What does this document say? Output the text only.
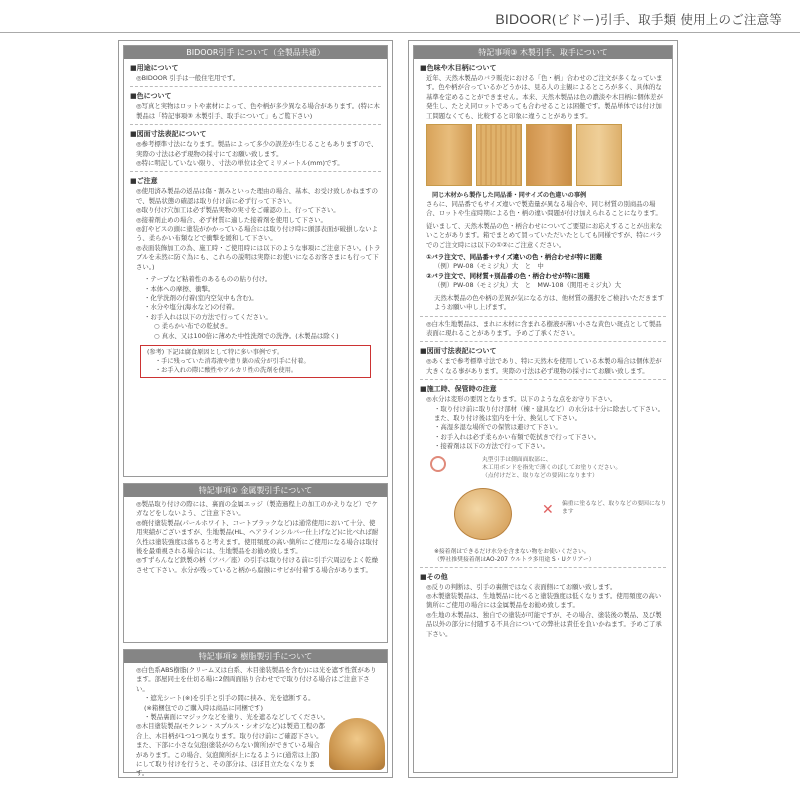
BIDOOR(ビドー)引手、取手類 使用上のご注意等
BIDOOR引手 について（全製品共通）
■用途について
◎BIDOOR 引手は一般住宅用です。
■色について
◎写真と実物はロットや素材によって、色や柄が多少異なる場合があります。(特に木製品は「特記事項③ 木製引手、取手について」もご覧下さい)
■図面寸法表記について
◎参考標準寸法になります。製品によって多少の誤差が生じることもありますので、実際の寸法は必ず現物の採寸にてお願い致します。
◎特に明記していない限り、寸法の単位は全てミリメートル(mm)です。
■ご注意
◎使用済み製品の返品は傷・割みといった理由の場合、基本、お受け致しかねますので、製品状態の確認は取り付け前に必ず行って下さい。
◎取り付け穴加工は必ず製品実物の実寸をご確認の上、行って下さい。
◎接着剤止めの場合、必ず材質に適した接着剤を使用して下さい。
◎釘やビスの頭に塗装がかかっている場合には取り付け時に頭部表面が破損しないよう、柔らかい布類などで衝撃を緩和して下さい。
◎表面装飾加工の為、施工時・ご使用時には以下のような事項にご注意下さい。(トラブルを未然に防ぐ為にも、これらの説明は実際にお使いになるお客さまにも行って下さい。)
・テープなど粘着性のあるものの貼り付け。
・本体への摩擦、衝撃。
・化学洗剤の付着(室内空気中も含む)。
・水分や塩分(海水など)の付着。
・お手入れは以下の方法で行ってください。
○ 柔らかい布での乾拭き。
○ 真水、又は100倍に薄めた中性洗剤での洗浄。(木製品は除く)
(参考) 下記は腐食原因として特に多い事例です。
・手に残っていた消毒液や塗り薬の成分が引手に付着。
・お手入れの際に酸性やアルカリ性の洗剤を使用。
特記事項① 金属製引手について
◎製品取り付けの際には、裏面の金属エッジ（製造過程上の加工のかえりなど）でケガなどをしないよう、ご注意下さい。
◎焼付塗装製品(パールホワイト、コートブラックなど)は通常使用において十分、使用実績がございますが、生地製品(HL、ヘアラインシルバー仕上げなど)に比べれば耐久性は塗装強度は落ちると考えます。使用頻度の高い箇所にご使用になる場合は取付後を最重視される場合には、生地製品をお勧め致します。
◎すずらんなど鉄製の柄（ツバ／座）の引手は取り付ける前に引手穴周辺をよく乾燥させて下さい。水分が残っていると柄から腐蝕にサビが付着する場合があります。
特記事項② 樹脂製引手について
◎白色系ABS樹脂(クリーム又は白系、木目塗装製品を含む)には光を遮す性質があります。部屋同士を仕切る場に2個両面貼り合わせでで取り付ける場合はご注意下さい。
・遮光シート(※)を引手と引手の間に挟み、光を遮断する。
(※箱梱包でのご購入時は商品に同梱です)
・製品裏面にマジックなどを塗り、光を遮るなどしてください。
◎木目塗装製品(モクレン・スプルス・シオジなど)は製造工程の都合上、木目柄が1つ1つ異なります。取り付け前にご確認下さい。
また、下部に小さな気泡(塗装がのらない箇所)ができている場合があります。この場合、気泡箇所が上になるように(通常は上部)にして取り付けを行うと、その部分は、ほぼ目立たなくなります。
特記事項③ 木製引手、取手について
■色味や木目柄について
近年、天然木製品のバラ販売における「色・柄」合わせのご注文が多くなっています。色や柄が合っているかどうかは、見る人の主観によるところが多く、具体的な基準を定めることができません。本来、天然木製品は色の濃淡や木目柄に個体差が発生し、たとえ同ロットであっても合わせることは困難です。製品単体では付け加工問題なくても、比較すると印象に違うことがあります。
同じ木材から製作した同品番・同サイズの色違いの事例
さらに、同品番でもサイズ違いで製造量が異なる場合や、同じ材質の別商品の場合、ロットや生産時期による色・柄の違い問題が付け加えられることになります。
従いまして、天然木製品の色・柄合わせについてご要望にお応えすることが出来ないことがあります。箱でまとめて買っていただいたとしても同様ですが、特にバラでのご注文時には以下の①②にご注意ください。
①バラ注文で、同品番+サイズ違いの色・柄合わせが特に困難
（例）PW-08（モミジ丸）大　と　中
②バラ注文で、同材質+別品番の色・柄合わせが特に困難
（例）PW-08（モミジ丸）大　と　MW-108（関用モミジ丸）大
天然木製品の色や柄の差異が気になる方は、他材質の選択をご検討いただきますようお願い申し上げます。
◎白木生地製品は、まれに木材に含まれる樹液が薄い小さな黄色い斑点として製品表面に現れることがあります。予めご了承ください。
■図面寸法表記について
◎あくまで参考標準寸法であり、特に天然木を使用している本製の場合は個体差が大きくなる事があります。実際の寸法は必ず現物の採寸にてお願い致します。
■施工時、保管時の注意
◎水分は変形の要因となります。以下のような点をお守り下さい。
・取り付け前に取り付け部材（楝・建具など）の水分は十分に除去して下さい。また、取り付け後は室内を十分、換気して下さい。
・高湿多湿な場所での保管は避けて下さい。
・お手入れは必ず柔らかい布類で乾拭きで行って下さい。
・接着剤は以下の方法で行って下さい。
丸型引手は側面面取部に、
木工用ボンドを指先で薄くのばしてお塗りください。
（点付けだと、取りなどの要因になります）
✕ 偏重に塗るなど、取りなどの要因になります
※接着剤はできるだけ水分を含まない物をお使いください。
（弊社推奨接着剤はAO-207 ウルトラ多用途 S・Uクリアー）
■その他
◎反りの判断は、引手の裏側ではなく表面側にてお願い致します。
◎木製塗装製品は、生地製品に比べると塗装強度は低くなります。使用頻度の高い箇所にご使用の場合には金属製品をお勧め致します。
◎生地の木製品は、独自での塗装が可能ですが、その場合、塗装後の製品、及び製品以外の部分に付随する不具合についての弊社は責任を負いかねます。予めご了承下さい。
